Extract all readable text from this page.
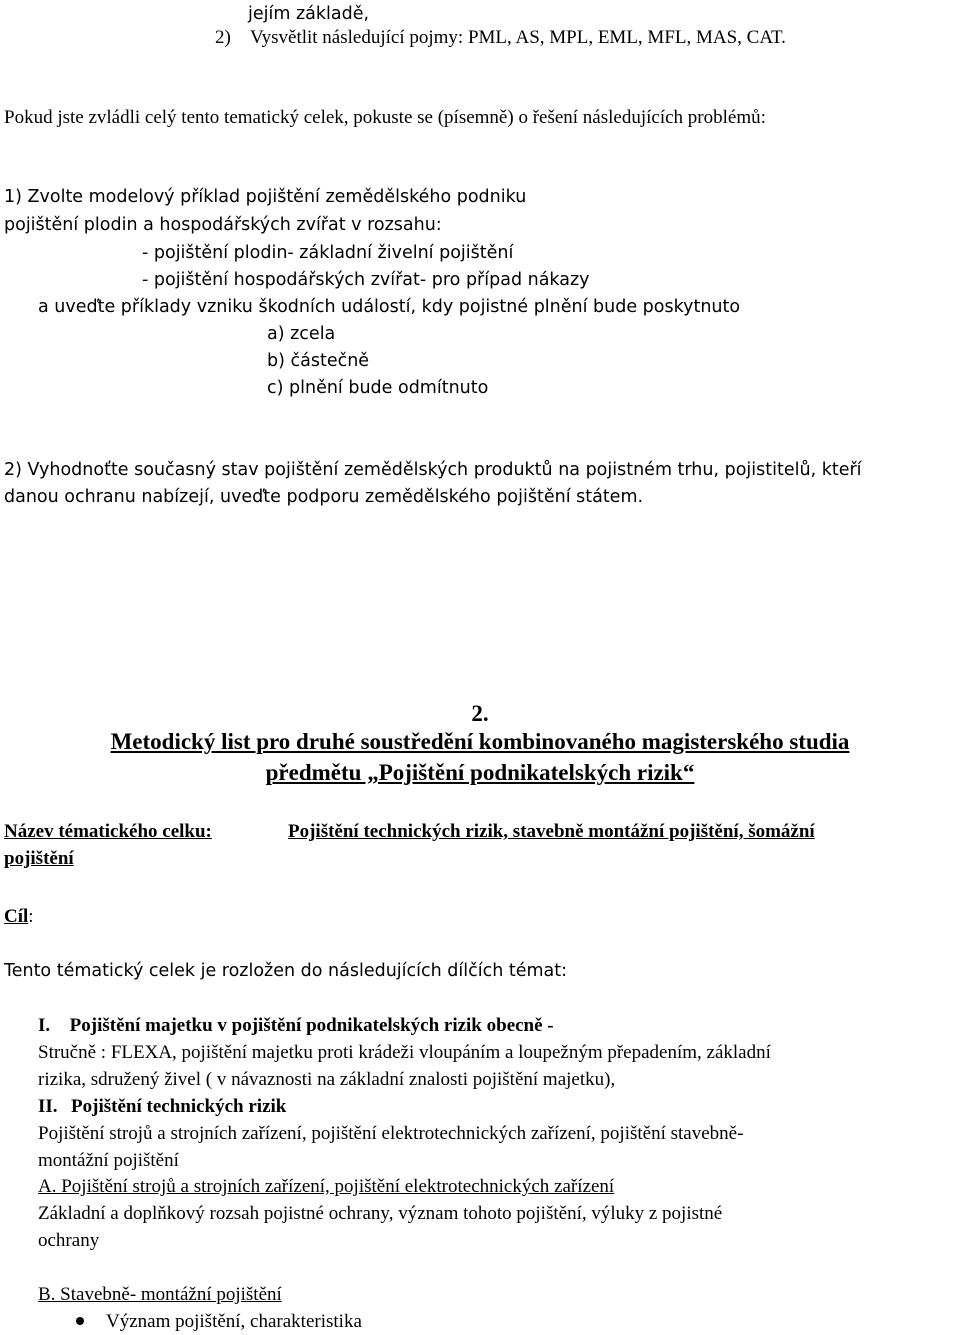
jejím základě,
2) Vysvětlit následující pojmy: PML, AS, MPL, EML, MFL, MAS, CAT.
Pokud jste zvládli celý tento tematický celek, pokuste se (písemně) o řešení následujících problémů:
1) Zvolte modelový příklad pojištění zemědělského podniku
pojištění plodin a hospodářských zvířat v rozsahu:
- pojištění plodin- základní živelní pojištění
- pojištění hospodářských zvířat- pro případ nákazy
a uveďte příklady vzniku škodních událostí, kdy pojistné plnění bude poskytnuto
a) zcela
b) částečně
c) plnění bude odmítnuto
2) Vyhodnoťte současný stav pojištění zemědělských produktů na pojistném trhu, pojistitelů, kteří
danou ochranu nabízejí, uveďte podporu zemědělského pojištění státem.
2.
Metodický list pro druhé soustředění kombinovaného magisterského studia
předmětu „Pojištění podnikatelských rizik“
Název tématického celku:	Pojištění technických rizik, stavebně montážní pojištění, šomážní
pojištění
Cíl:
Tento tématický celek je rozložen do následujících dílčích témat:
I. Pojištění majetku v pojištění podnikatelských rizik obecně -
Stručně : FLEXA, pojištění majetku proti krádeži vloupáním a loupežným přepadením, základní
rizika, sdružený živel ( v návaznosti na základní znalosti pojištění majetku),
II. Pojištění technických rizik
Pojištění strojů a strojních zařízení, pojištění elektrotechnických zařízení, pojištění stavebně-
montážní pojištění
A. Pojištění strojů a strojních zařízení, pojištění elektrotechnických zařízení
Základní a doplňkový rozsah pojistné ochrany, význam tohoto pojištění, výluky z pojistné
ochrany
B. Stavebně- montážní pojištění
Význam pojištění, charakteristika
